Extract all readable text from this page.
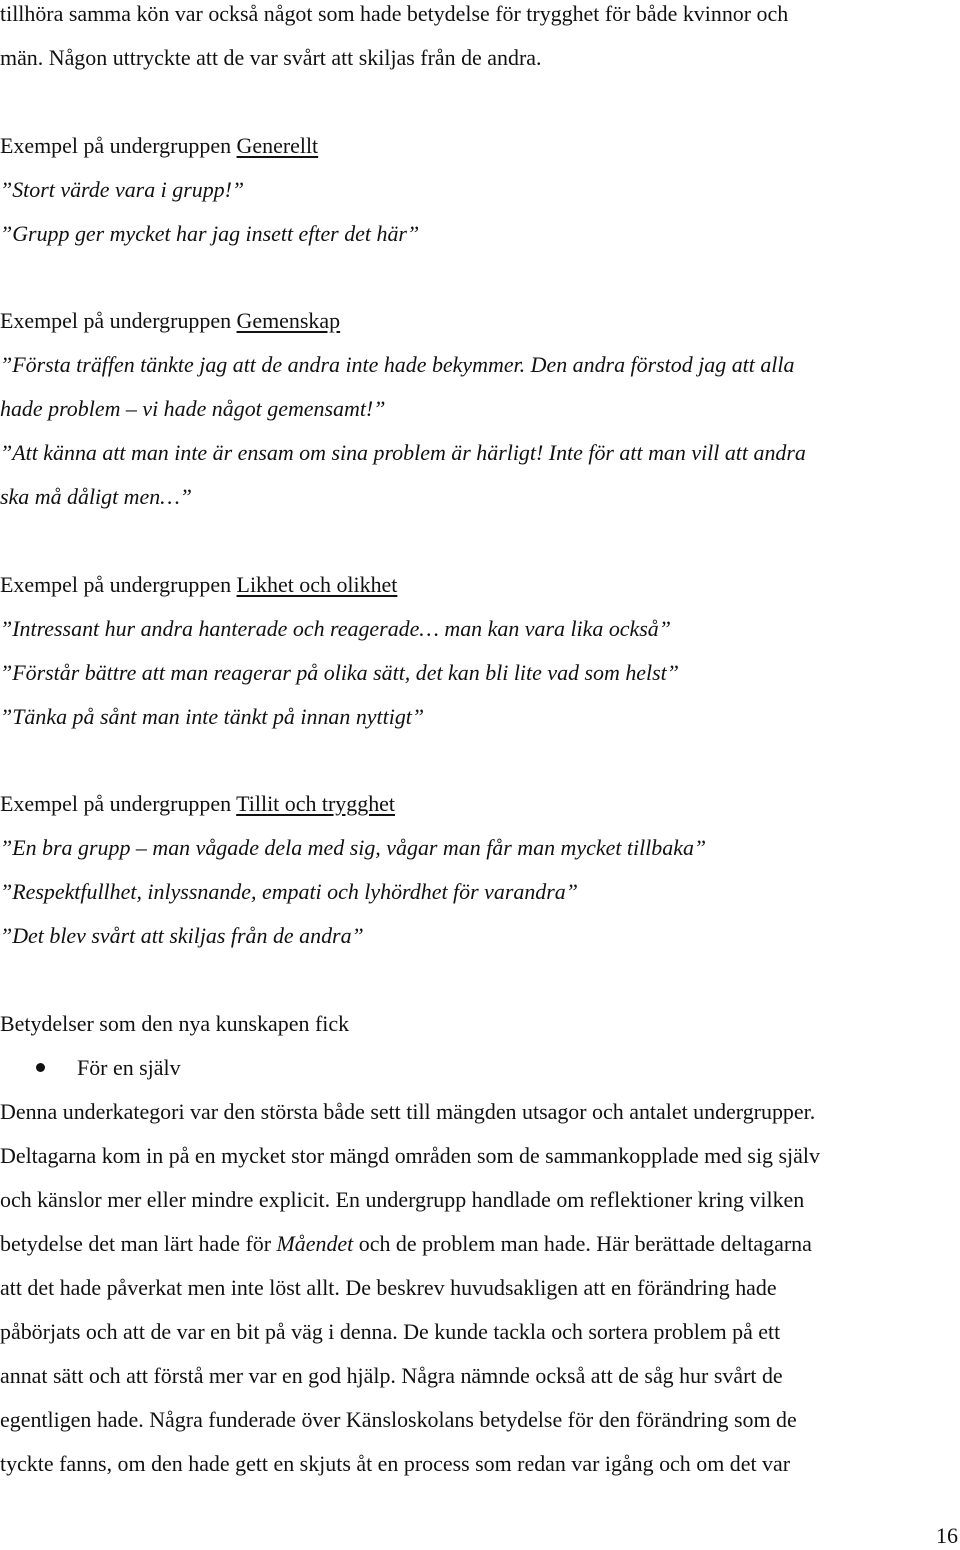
tillhöra samma kön var också något som hade betydelse för trygghet för både kvinnor och

män. Någon uttryckte att de var svårt att skiljas från de andra.

Exempel på undergruppen Generellt

”Stort värde vara i grupp!”

”Grupp ger mycket har jag insett efter det här”

Exempel på undergruppen Gemenskap

”Första träffen tänkte jag att de andra inte hade bekymmer. Den andra förstod jag att alla

hade problem – vi hade något gemensamt!”

”Att känna att man inte är ensam om sina problem är härligt! Inte för att man vill att andra

ska må dåligt men…”

Exempel på undergruppen Likhet och olikhet

”Intressant hur andra hanterade och reagerade… man kan vara lika också”

”Förstår bättre att man reagerar på olika sätt, det kan bli lite vad som helst”

”Tänka på sånt man inte tänkt på innan nyttigt”

Exempel på undergruppen Tillit och trygghet

”En bra grupp – man vågade dela med sig, vågar man får man mycket tillbaka”

”Respektfullhet, inlyssnande, empati och lyhördhet för varandra”

”Det blev svårt att skiljas från de andra”

Betydelser som den nya kunskapen fick

För en själv

Denna underkategori var den största både sett till mängden utsagor och antalet undergrupper.

Deltagarna kom in på en mycket stor mängd områden som de sammankopplade med sig själv

och känslor mer eller mindre explicit. En undergrupp handlade om reflektioner kring vilken

betydelse det man lärt hade för Måendet och de problem man hade. Här berättade deltagarna

att det hade påverkat men inte löst allt. De beskrev huvudsakligen att en förändring hade

påbörjats och att de var en bit på väg i denna. De kunde tackla och sortera problem på ett

annat sätt och att förstå mer var en god hjälp. Några nämnde också att de såg hur svårt de

egentligen hade. Några funderade över Känsloskolans betydelse för den förändring som de

tyckte fanns, om den hade gett en skjuts åt en process som redan var igång och om det var

16
